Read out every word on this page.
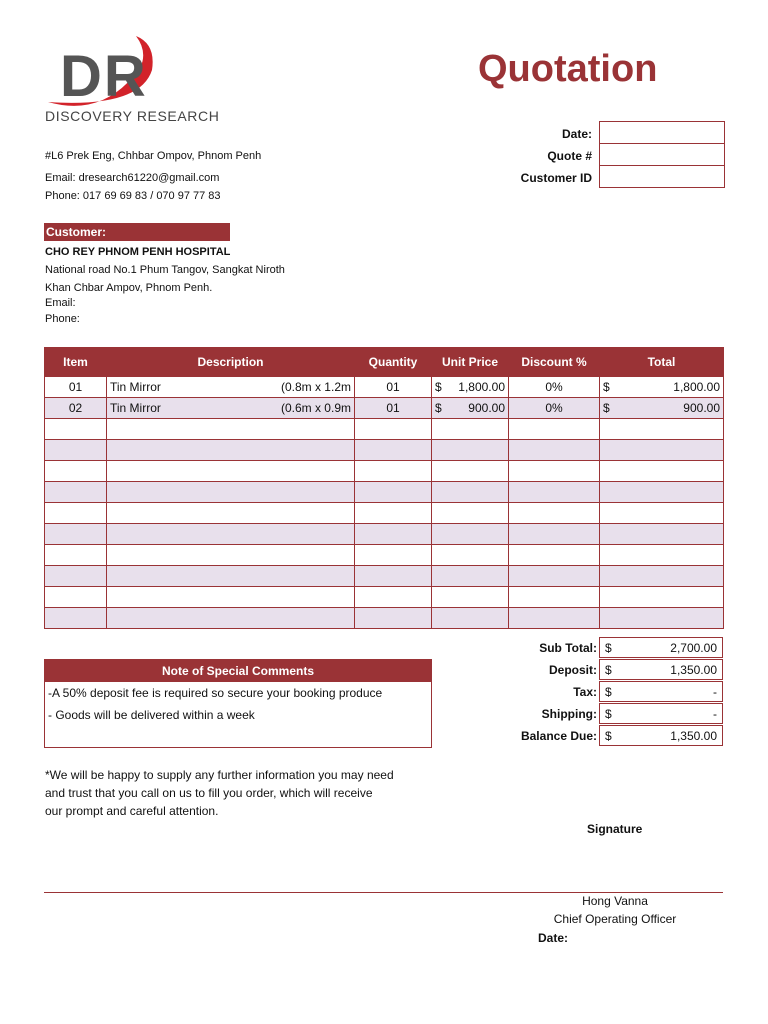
DR
DISCOVERY RESEARCH
Quotation
#L6 Prek Eng, Chhbar Ompov, Phnom Penh
Email: dresearch61220@gmail.com
Phone: 017 69 69 83 / 070 97 77 83
Date:
Quote #
Customer ID
Customer:
CHO REY PHNOM PENH HOSPITAL
National road No.1 Phum Tangov, Sangkat Niroth
Khan Chbar Ampov, Phnom Penh.
Email:
Phone:
Item	Description	Quantity	Unit Price	Discount %	Total
01	Tin Mirror (0.8m x 1.2m	01	$ 1,800.00	0%	$ 1,800.00

02	Tin Mirror (0.6m x 0.9m	01	$ 900.00	0%	$ 900.00

Sub Total: $	2,700.00
Deposit: $	1,350.00
Tax: $	-
Shipping: $	-
Balance Due: $	1,350.00
Note of Special Comments
-A 50% deposit fee is required so secure your booking produce
- Goods will be delivered within a week
*We will be happy to supply any further information you may need
and trust that you call on us to fill you order, which will receive
our prompt and careful attention.
Signature
Hong Vanna
Chief Operating Officer
Date:
